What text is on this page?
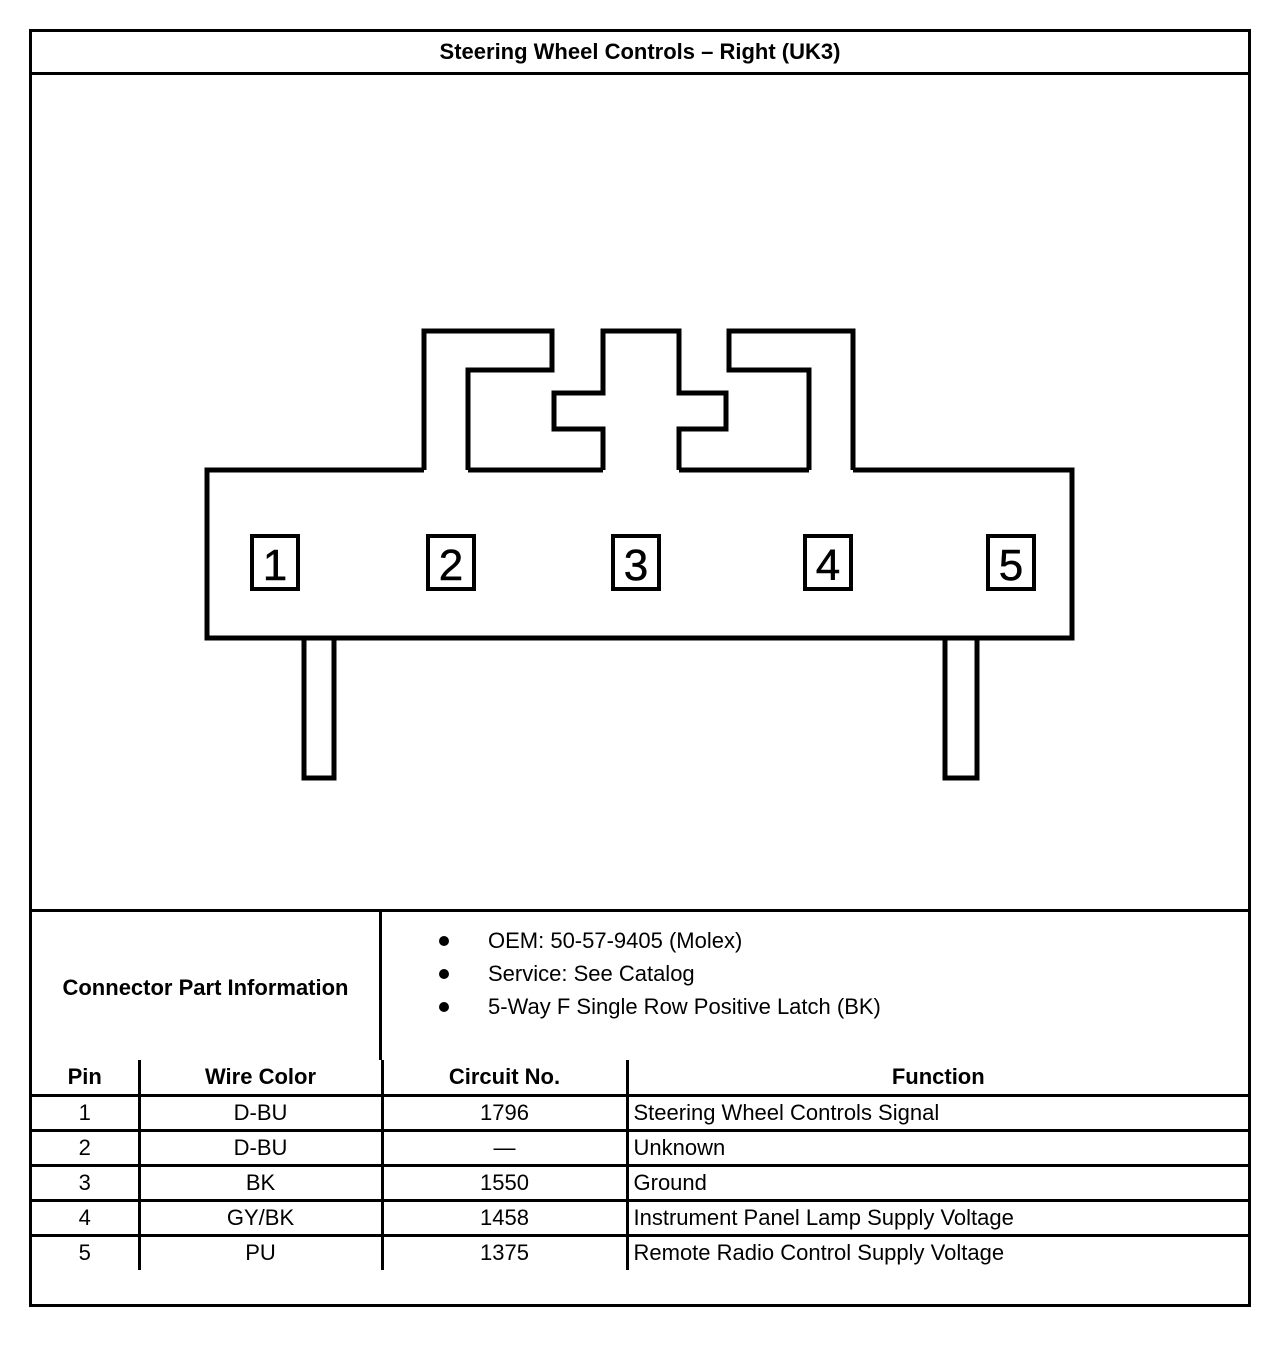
Steering Wheel Controls – Right (UK3)
1	2	3	4	5
Connector Part Information
OEM: 50-57-9405 (Molex)
Service: See Catalog
5-Way F Single Row Positive Latch (BK)
Pin	Wire Color	Circuit No.	Function
1	D-BU	1796	Steering Wheel Controls Signal
2	D-BU	—	Unknown
3	BK	1550	Ground
4	GY/BK	1458	Instrument Panel Lamp Supply Voltage
5	PU	1375	Remote Radio Control Supply Voltage
